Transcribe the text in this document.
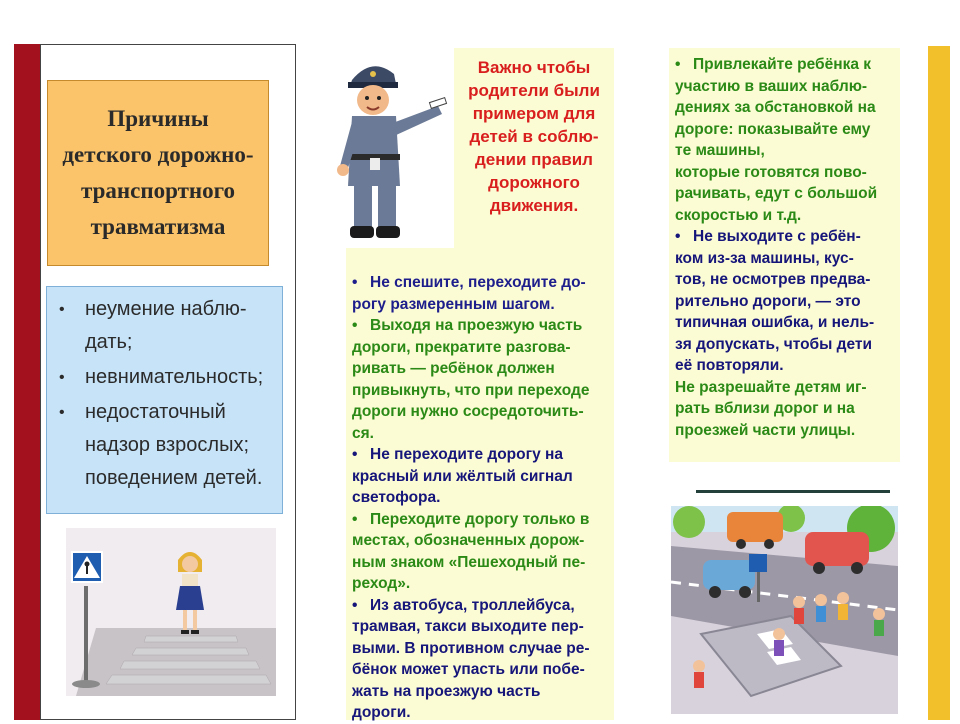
Причины
детского дорожно-
транспортного
травматизма
• неумение наблю-
дать;
• невнимательность;
• недостаточный
надзор взрослых;
поведением детей.
Важно чтобы
родители были
примером для
детей в соблю-
дении правил
дорожного
движения.
• Не спешите, переходите до-
рогу размеренным шагом.
• Выходя на проезжую часть
дороги, прекратите разгова-
ривать — ребёнок должен
привыкнуть, что при переходе
дороги нужно сосредоточить-
ся.
• Не переходите дорогу на
красный или жёлтый сигнал
светофора.
• Переходите дорогу только в
местах, обозначенных дорож-
ным знаком «Пешеходный пе-
реход».
• Из автобуса, троллейбуса,
трамвая, такси выходите пер-
выми. В противном случае ре-
бёнок может упасть или побе-
жать на проезжую часть
дороги.
• Привлекайте ребёнка к
участию в ваших наблю-
дениях за обстановкой на
дороге: показывайте ему
те машины,
которые готовятся пово-
рачивать, едут с большой
скоростью и т.д.
• Не выходите с ребён-
ком из-за машины, кус-
тов, не осмотрев предва-
рительно дороги, — это
типичная ошибка, и нель-
зя допускать, чтобы дети
её повторяли.
Не разрешайте детям иг-
рать вблизи дорог и на
проезжей части улицы.
